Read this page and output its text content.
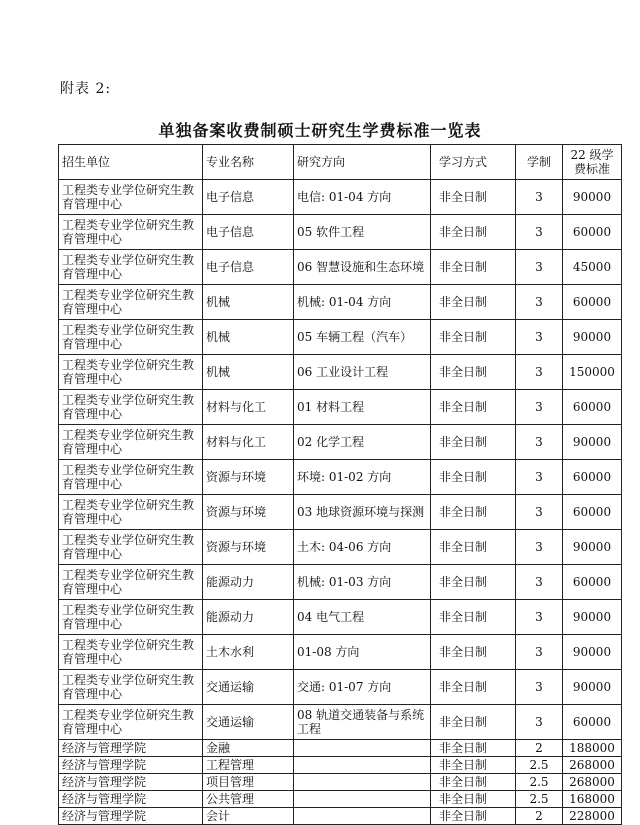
附表 2:
单独备案收费制硕士研究生学费标准一览表
招生单位	专业名称	研究方向	学习方式	学制	22 级学费标准
工程类专业学位研究生教育管理中心	电子信息	电信: 01-04 方向	非全日制	3	90000
工程类专业学位研究生教育管理中心	电子信息	05 软件工程	非全日制	3	60000
工程类专业学位研究生教育管理中心	电子信息	06 智慧设施和生态环境	非全日制	3	45000
工程类专业学位研究生教育管理中心	机械	机械: 01-04 方向	非全日制	3	60000
工程类专业学位研究生教育管理中心	机械	05 车辆工程（汽车）	非全日制	3	90000
工程类专业学位研究生教育管理中心	机械	06 工业设计工程	非全日制	3	150000
工程类专业学位研究生教育管理中心	材料与化工	01 材料工程	非全日制	3	60000
工程类专业学位研究生教育管理中心	材料与化工	02 化学工程	非全日制	3	90000
工程类专业学位研究生教育管理中心	资源与环境	环境: 01-02 方向	非全日制	3	60000
工程类专业学位研究生教育管理中心	资源与环境	03 地球资源环境与探测	非全日制	3	60000
工程类专业学位研究生教育管理中心	资源与环境	土木: 04-06 方向	非全日制	3	90000
工程类专业学位研究生教育管理中心	能源动力	机械: 01-03 方向	非全日制	3	60000
工程类专业学位研究生教育管理中心	能源动力	04 电气工程	非全日制	3	90000
工程类专业学位研究生教育管理中心	土木水利	01-08 方向	非全日制	3	90000
工程类专业学位研究生教育管理中心	交通运输	交通: 01-07 方向	非全日制	3	90000
工程类专业学位研究生教育管理中心	交通运输	08 轨道交通装备与系统工程	非全日制	3	60000
经济与管理学院	金融		非全日制	2	188000
经济与管理学院	工程管理		非全日制	2.5	268000
经济与管理学院	项目管理		非全日制	2.5	268000
经济与管理学院	公共管理		非全日制	2.5	168000
经济与管理学院	会计		非全日制	2	228000
